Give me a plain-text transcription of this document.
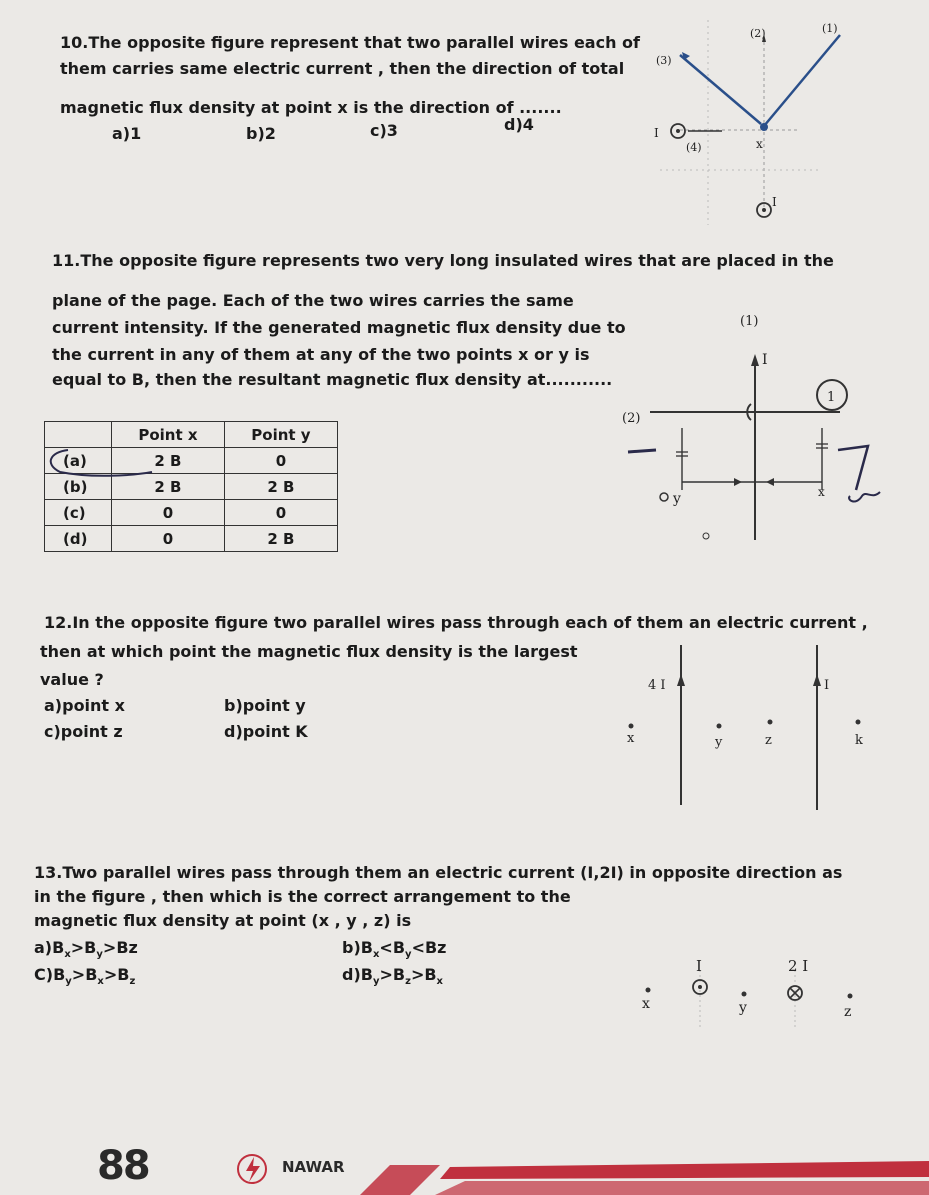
10.The opposite figure represent that two parallel wires each of
them carries same electric current , then the direction of total
magnetic flux density at point x is the direction of .......
a)1	b)2	c)3	d)4
(1)
(2)
(3)
(4)
I
I
x
11.The opposite figure represents two very long insulated wires that are placed in the
plane of the page. Each of the two wires carries the same
current intensity. If the generated magnetic flux density due to
the current in any of them at any of the two points x or y is
equal to B, then the resultant magnetic flux density at...........
	Point x	Point y
(a)	2 B	0
(b)	2 B	2 B
(c)	0	0
(d)	0	2 B
(1)
(2)
I
y	x
1
12.In the opposite figure two parallel wires pass through each of them an electric current ,
then at which point the magnetic flux density is the largest
value ?
a)point x	b)point y
c)point z	d)point K
4 I	I
x	y	z	k
13.Two parallel wires pass through them an electric current (I,2I) in opposite direction as
in the figure , then which is the correct arrangement to the
magnetic flux density at point (x , y , z) is
$a)B_x>B_y>Bz$	$b)B_x<B_y<Bz$
$C)B_y>B_x>B_z$	$d)B_y>B_z>B_x$
I	2 I
x	y	z
88	NAWAR
